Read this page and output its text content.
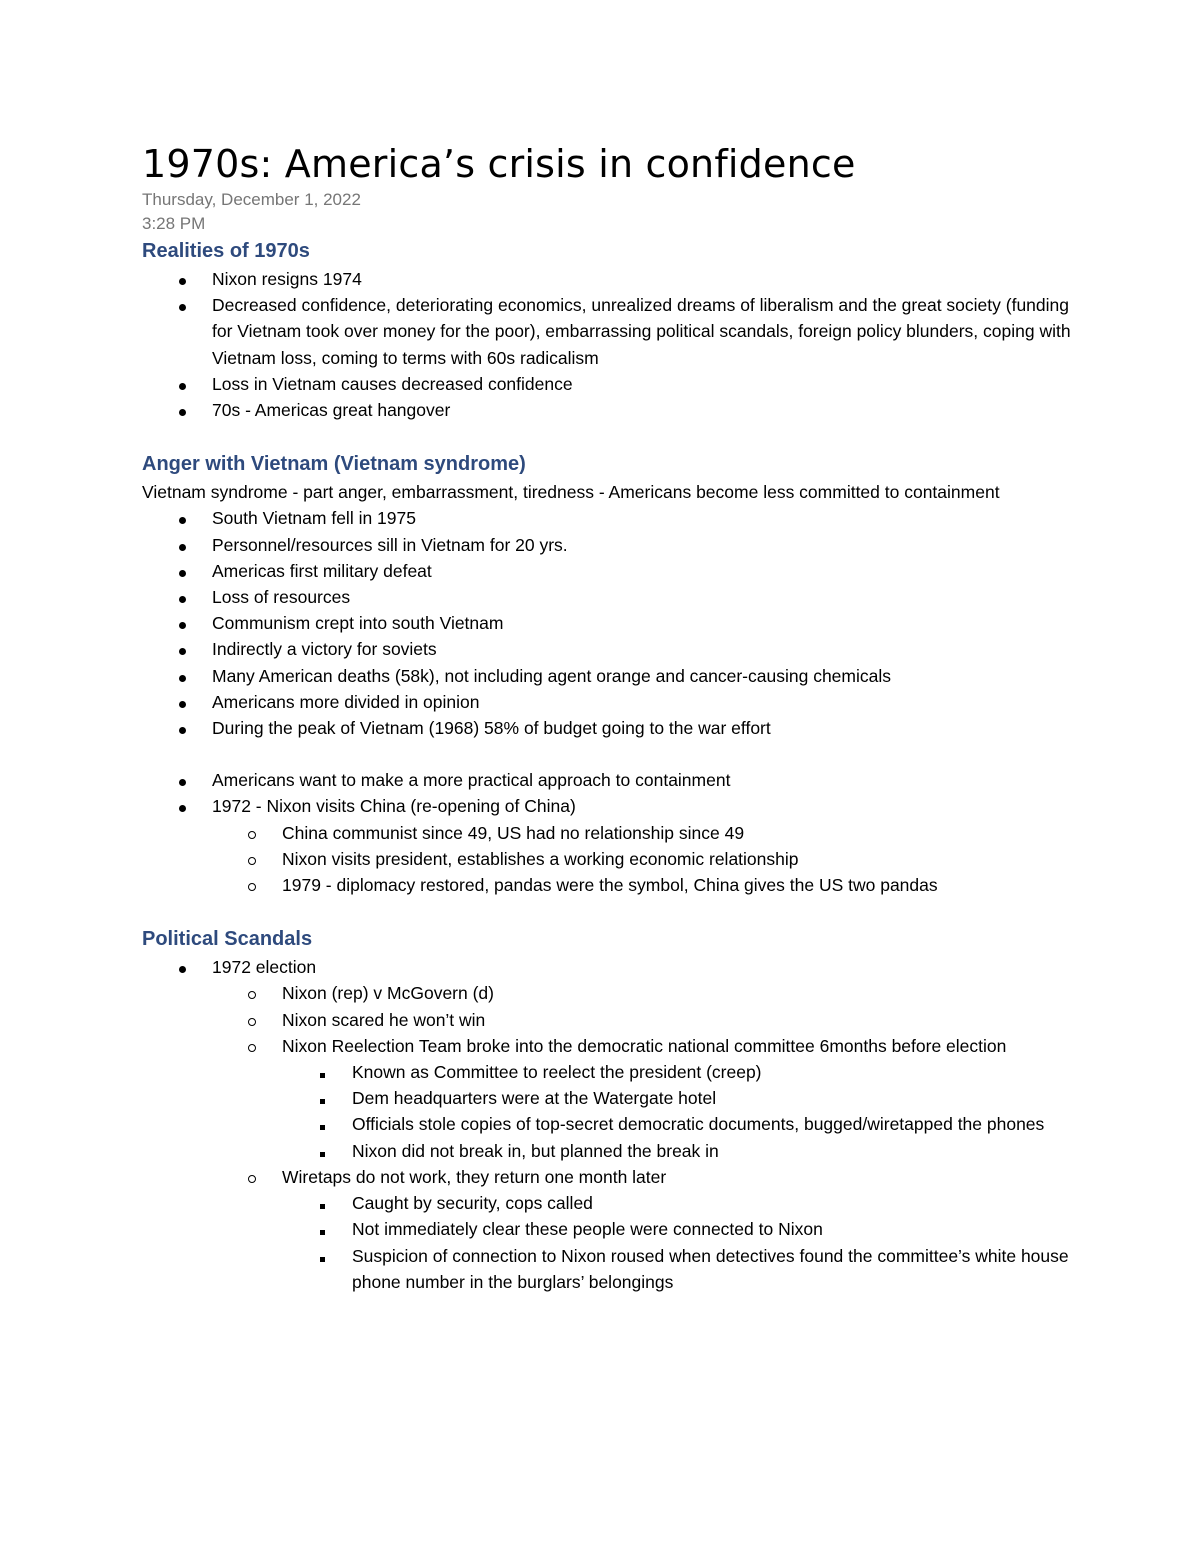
1970s: America’s crisis in confidence
Thursday, December 1, 2022
3:28 PM
Realities of 1970s
Nixon resigns 1974
Decreased confidence, deteriorating economics, unrealized dreams of liberalism and the great society (funding for Vietnam took over money for the poor), embarrassing political scandals, foreign policy blunders, coping with Vietnam loss, coming to terms with 60s radicalism
Loss in Vietnam causes decreased confidence
70s - Americas great hangover
Anger with Vietnam (Vietnam syndrome)
Vietnam syndrome - part anger, embarrassment, tiredness - Americans become less committed to containment
South Vietnam fell in 1975
Personnel/resources sill in Vietnam for 20 yrs.
Americas first military defeat
Loss of resources
Communism crept into south Vietnam
Indirectly a victory for soviets
Many American deaths (58k), not including agent orange and cancer-causing chemicals
Americans more divided in opinion
During the peak of Vietnam (1968) 58% of budget going to the war effort
Americans want to make a more practical approach to containment
1972 - Nixon visits China (re-opening of China)
China communist since 49, US had no relationship since 49
Nixon visits president, establishes a working economic relationship
1979 - diplomacy restored, pandas were the symbol, China gives the US two pandas
Political Scandals
1972 election
Nixon (rep) v McGovern (d)
Nixon scared he won’t win
Nixon Reelection Team broke into the democratic national committee 6months before election
Known as Committee to reelect the president (creep)
Dem headquarters were at the Watergate hotel
Officials stole copies of top-secret democratic documents, bugged/wiretapped the phones
Nixon did not break in, but planned the break in
Wiretaps do not work, they return one month later
Caught by security, cops called
Not immediately clear these people were connected to Nixon
Suspicion of connection to Nixon roused when detectives found the committee’s white house phone number in the burglars’ belongings
